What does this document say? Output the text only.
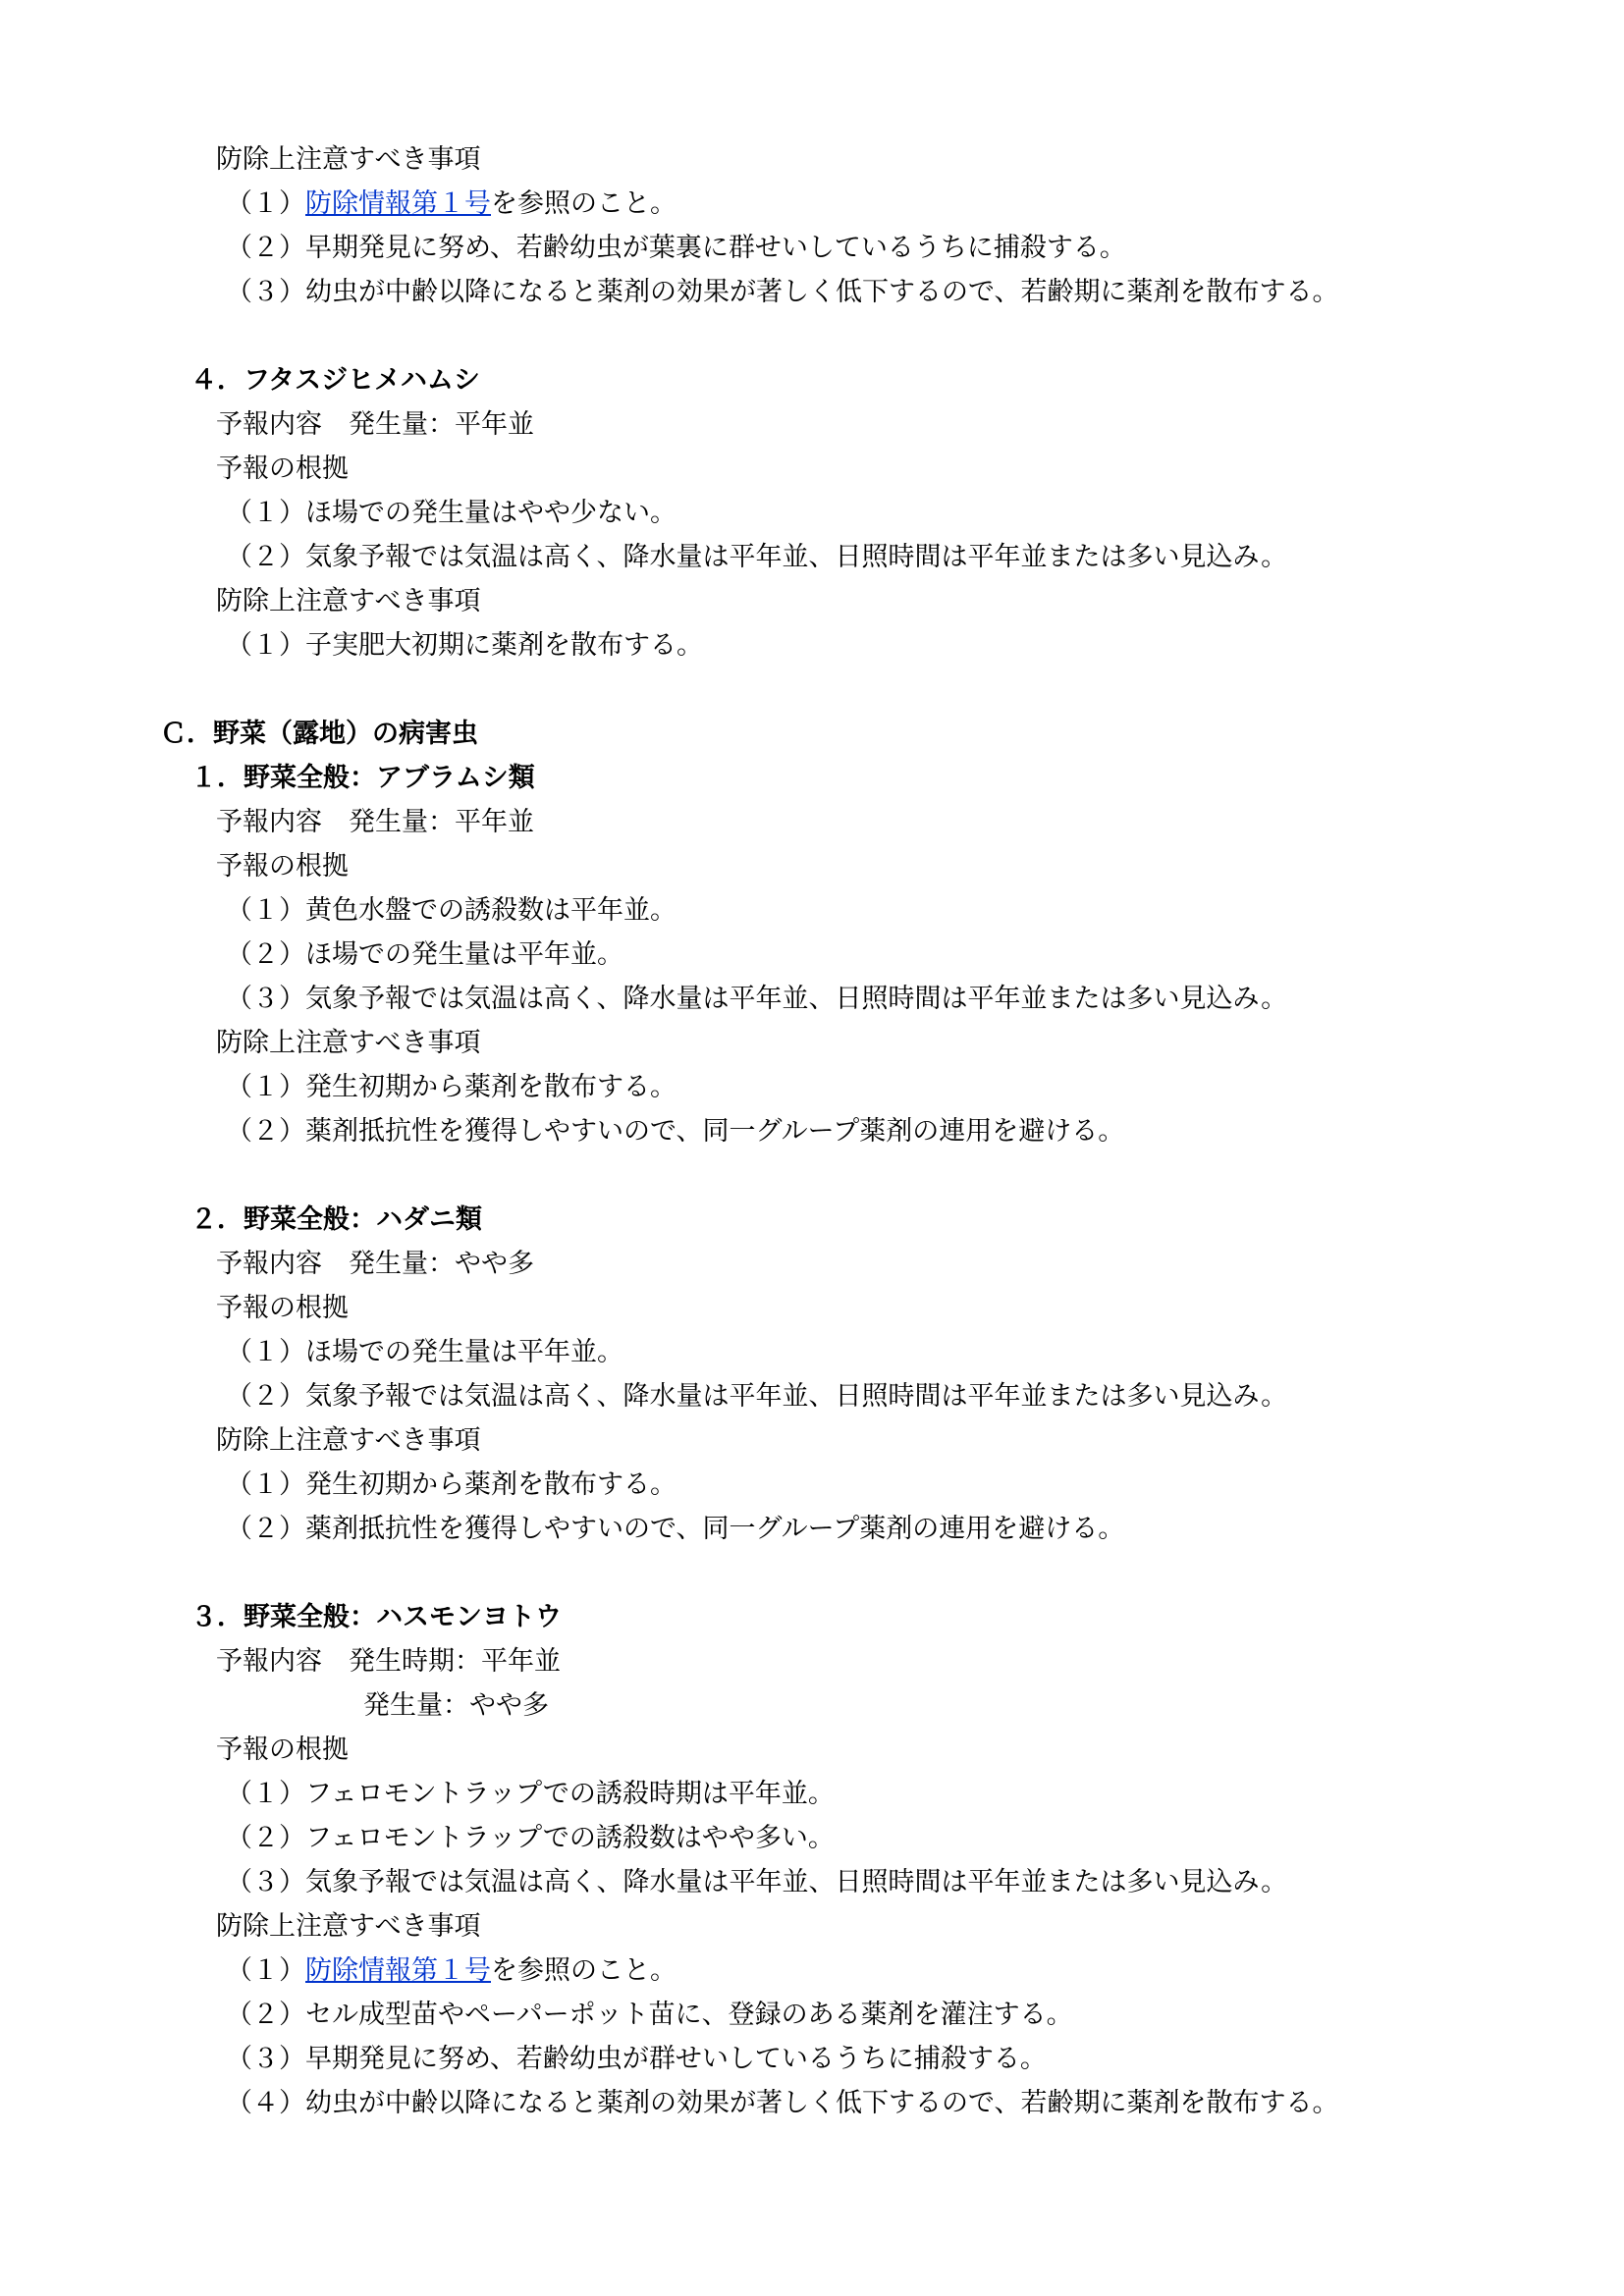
防除上注意すべき事項
（１）防除情報第１号を参照のこと。
（２）早期発見に努め、若齢幼虫が葉裏に群せいしているうちに捕殺する。
（３）幼虫が中齢以降になると薬剤の効果が著しく低下するので、若齢期に薬剤を散布する。
４．フタスジヒメハムシ
予報内容　発生量：平年並
予報の根拠
（１）ほ場での発生量はやや少ない。
（２）気象予報では気温は高く、降水量は平年並、日照時間は平年並または多い見込み。
防除上注意すべき事項
（１）子実肥大初期に薬剤を散布する。
Ｃ．野菜（露地）の病害虫
１．野菜全般：アブラムシ類
予報内容　発生量：平年並
予報の根拠
（１）黄色水盤での誘殺数は平年並。
（２）ほ場での発生量は平年並。
（３）気象予報では気温は高く、降水量は平年並、日照時間は平年並または多い見込み。
防除上注意すべき事項
（１）発生初期から薬剤を散布する。
（２）薬剤抵抗性を獲得しやすいので、同一グループ薬剤の連用を避ける。
２．野菜全般：ハダニ類
予報内容　発生量：やや多
予報の根拠
（１）ほ場での発生量は平年並。
（２）気象予報では気温は高く、降水量は平年並、日照時間は平年並または多い見込み。
防除上注意すべき事項
（１）発生初期から薬剤を散布する。
（２）薬剤抵抗性を獲得しやすいので、同一グループ薬剤の連用を避ける。
３．野菜全般：ハスモンヨトウ
予報内容　発生時期：平年並
発生量：やや多
予報の根拠
（１）フェロモントラップでの誘殺時期は平年並。
（２）フェロモントラップでの誘殺数はやや多い。
（３）気象予報では気温は高く、降水量は平年並、日照時間は平年並または多い見込み。
防除上注意すべき事項
（１）防除情報第１号を参照のこと。
（２）セル成型苗やペーパーポット苗に、登録のある薬剤を灌注する。
（３）早期発見に努め、若齢幼虫が群せいしているうちに捕殺する。
（４）幼虫が中齢以降になると薬剤の効果が著しく低下するので、若齢期に薬剤を散布する。
